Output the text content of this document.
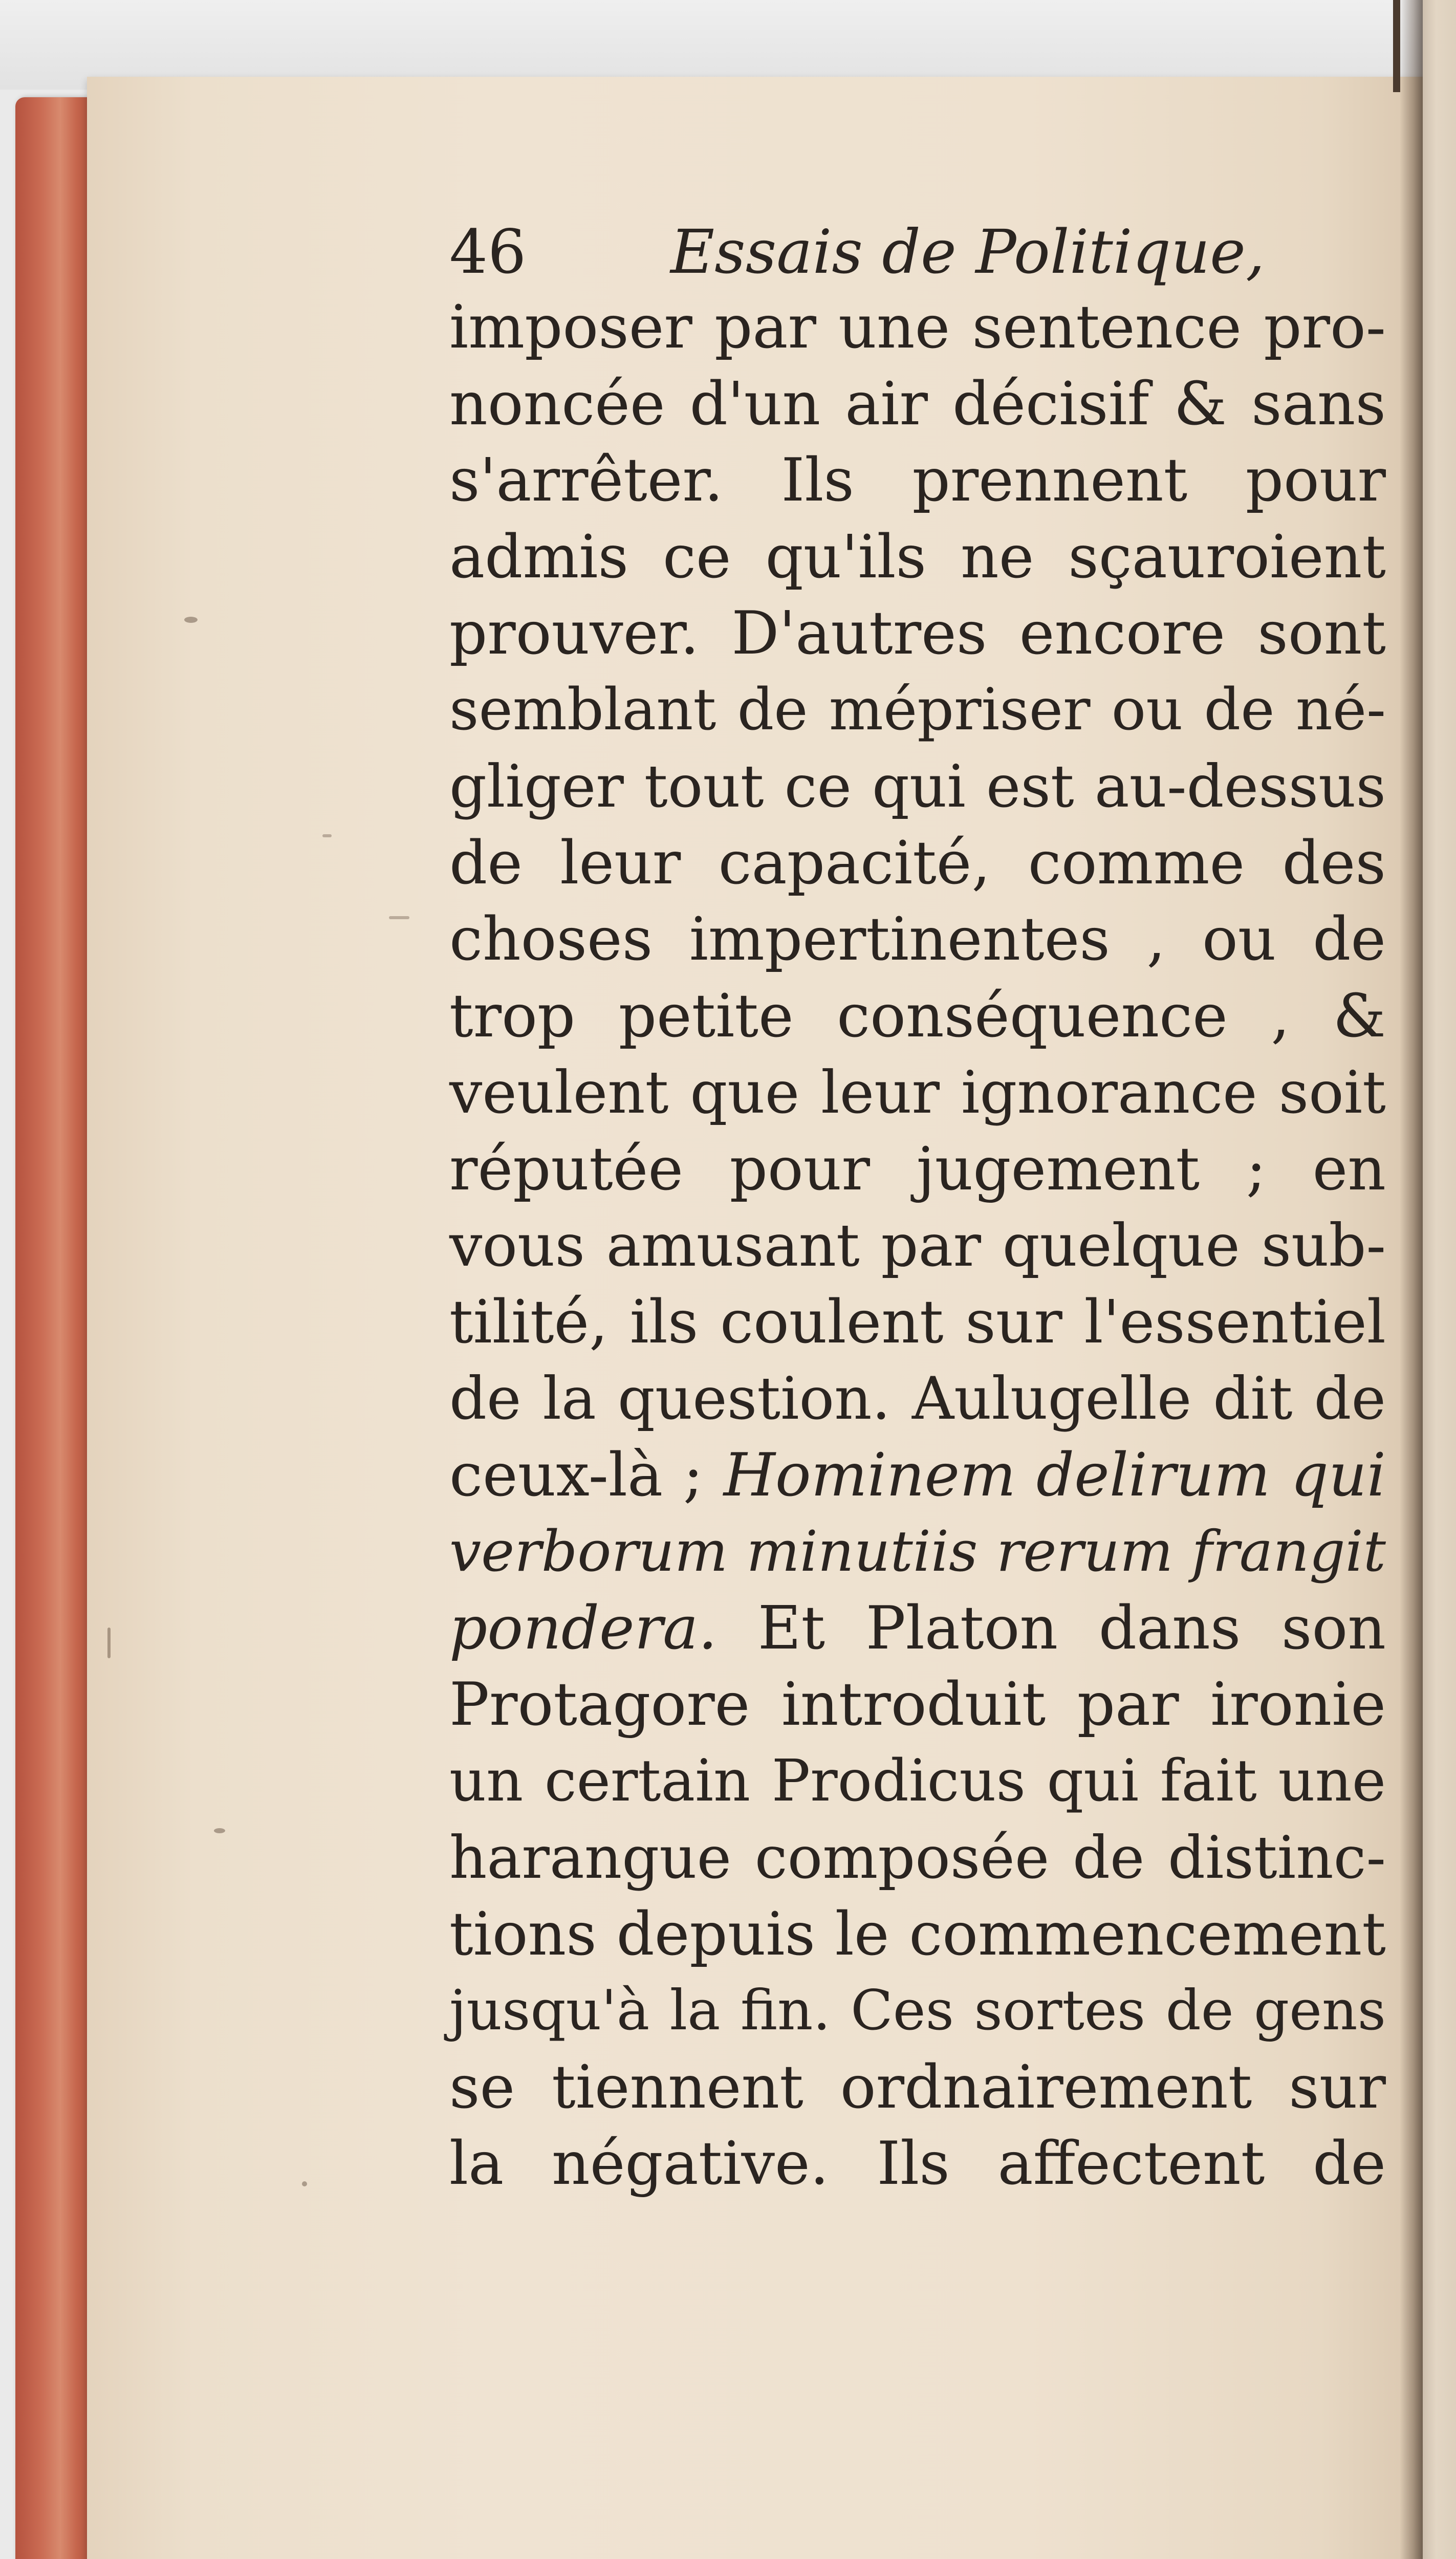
46 Essais de Politique,
imposer par une sentence pro-
noncée d'un air décisif & sans
s'arrêter. Ils prennent pour
admis ce qu'ils ne sçauroient
prouver. D'autres encore sont
semblant de mépriser ou de né-
gliger tout ce qui est au-dessus
de leur capacité, comme des
choses impertinentes , ou de
trop petite conséquence , &
veulent que leur ignorance soit
réputée pour jugement ; en
vous amusant par quelque sub-
tilité, ils coulent sur l'essentiel
de la question. Aulugelle dit de
ceux-là ; Hominem delirum qui
verborum minutiis rerum frangit
pondera. Et Platon dans son
Protagore introduit par ironie
un certain Prodicus qui fait une
harangue composée de distinc-
tions depuis le commencement
jusqu'à la fin. Ces sortes de gens
se tiennent ordnairement sur
la négative. Ils affectent de
